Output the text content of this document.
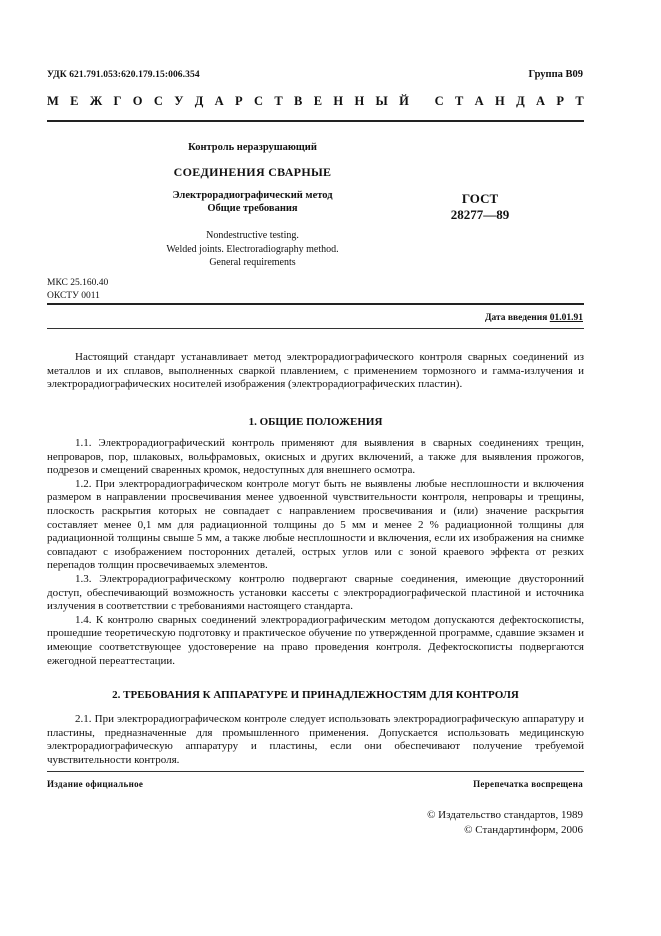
УДК 621.791.053:620.179.15:006.354	Группа В09
М Е Ж Г О С У Д А Р С Т В Е Н Н Ы Й
С Т А Н Д А Р Т
Контроль неразрушающий
СОЕДИНЕНИЯ СВАРНЫЕ
Электрорадиографический метод
Общие требования
Nondestructive testing.
Welded joints. Electroradiography method.
General requirements
ГОСТ
28277—89
МКС 25.160.40
ОКСТУ 0011
Дата введения 01.01.91

Настоящий стандарт устанавливает метод электрорадиографического контроля сварных соединений из металлов и их сплавов, выполненных сваркой плавлением, с применением тормозного и гамма-излучения и электрорадиографических носителей изображения (электрорадиографических пластин).

1. ОБЩИЕ ПОЛОЖЕНИЯ

1.1. Электрорадиографический контроль применяют для выявления в сварных соединениях трещин, непроваров, пор, шлаковых, вольфрамовых, окисных и других включений, а также для выявления прожогов, подрезов и смещений сваренных кромок, недоступных для внешнего осмотра.

1.2. При электрорадиографическом контроле могут быть не выявлены любые несплошности и включения размером в направлении просвечивания менее удвоенной чувствительности контроля, непровары и трещины, плоскость раскрытия которых не совпадает с направлением просвечивания и (или) значение раскрытия составляет менее 0,1 мм для радиационной толщины до 5 мм и менее 2 % радиационной толщины для радиационной толщины свыше 5 мм, а также любые несплошности и включения, если их изображения на снимке совпадают с изображением посторонних деталей, острых углов или с зоной краевого эффекта от резких перепадов толщин просвечиваемых элементов.

1.3. Электрорадиографическому контролю подвергают сварные соединения, имеющие двусторонний доступ, обеспечивающий возможность установки кассеты с электрорадиографической пластиной и источника излучения в соответствии с требованиями настоящего стандарта.

1.4. К контролю сварных соединений электрорадиографическим методом допускаются дефектоскописты, прошедшие теоретическую подготовку и практическое обучение по утвержденной программе, сдавшие экзамен и имеющие соответствующее удостоверение на право проведения контроля. Дефектоскописты подвергаются ежегодной переаттестации.

2. ТРЕБОВАНИЯ К АППАРАТУРЕ И ПРИНАДЛЕЖНОСТЯМ ДЛЯ КОНТРОЛЯ

2.1. При электрорадиографическом контроле следует использовать электрорадиографическую аппаратуру и пластины, предназначенные для промышленного применения. Допускается использовать медицинскую электрорадиографическую аппаратуру и пластины, если они обеспечивают получение требуемой чувствительности контроля.

Издание официальное	Перепечатка воспрещена
© Издательство стандартов, 1989
© Стандартинформ, 2006
